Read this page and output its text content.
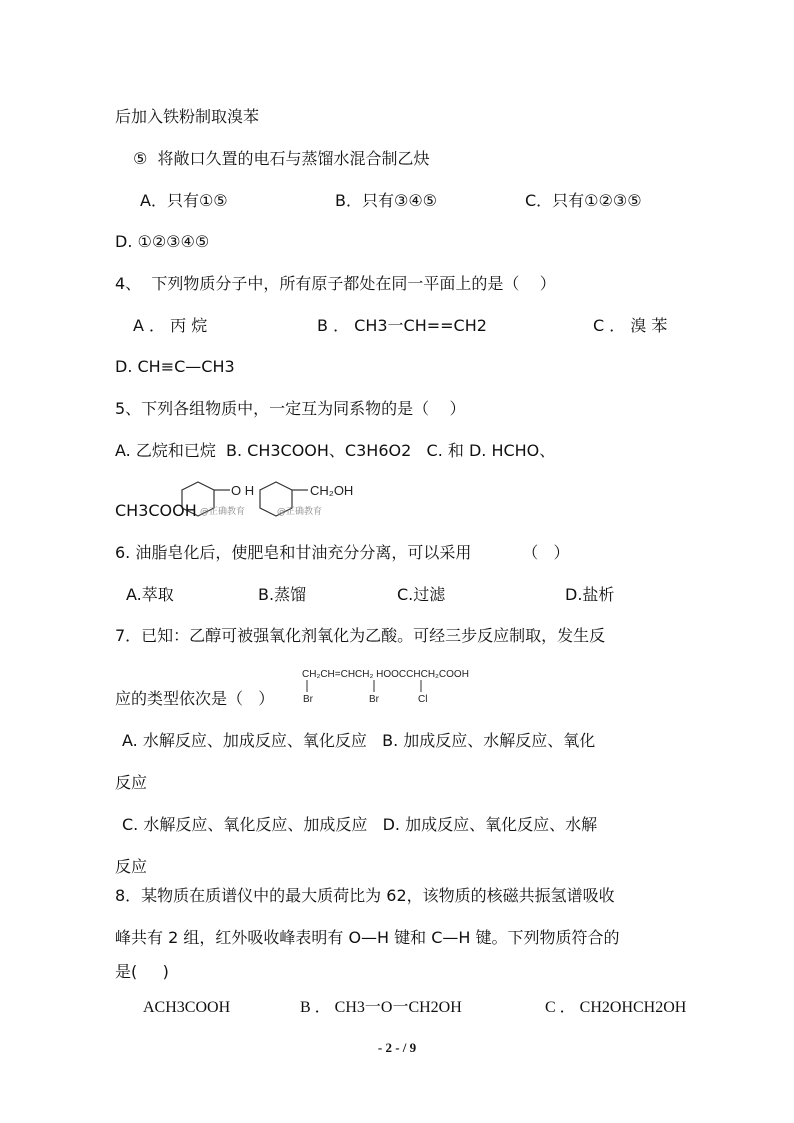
后加入铁粉制取溴苯
⑤  将敞口久置的电石与蒸馏水混合制乙炔
A．只有①⑤	B．只有③④⑤	C．只有①②③⑤
D. ①②③④⑤
4、  下列物质分子中，所有原子都处在同一平面上的是（    ）
A ． 丙 烷	B ． CH3一CH==CH2	C ． 溴 苯
D. CH≡C—CH3
5、下列各组物质中，一定互为同系物的是（    ）
A. 乙烷和已烷  B. CH3COOH、C3H6O2   C. 和 D. HCHO、
O H	CH₂OH
@正确教育	@正确教育
CH3COOH
6. 油脂皂化后，使肥皂和甘油充分分离，可以采用          （   ）
A.萃取	B.蒸馏	C.过滤	D.盐析
7．已知：乙醇可被强氧化剂氧化为乙酸。可经三步反应制取，发生反
CH₂CH=CHCH₂ HOOCCHCH₂COOH
Br	Br	Cl
应的类型依次是（   ）
A. 水解反应、加成反应、氧化反应   B. 加成反应、水解反应、氧化
反应
C. 水解反应、氧化反应、加成反应   D. 加成反应、氧化反应、水解
反应
8．某物质在质谱仪中的最大质荷比为 62，该物质的核磁共振氢谱吸收
峰共有 2 组，红外吸收峰表明有 O—H 键和 C—H 键。下列物质符合的
是(     )
ACH3COOH	B ． CH3一O一CH2OH	C ． CH2OHCH2OH
- 2 - / 9
